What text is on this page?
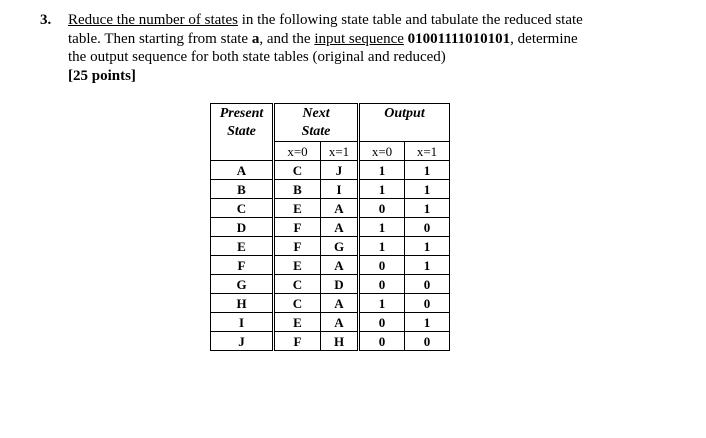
3. Reduce the number of states in the following state table and tabulate the reduced state
table. Then starting from state a, and the input sequence 01001111010101, determine
the output sequence for both state tables (original and reduced)
[25 points]
Present
State	Next
State		Output	
	x=0	x=1	x=0	x=1
A	C	J	1	1
B	B	I	1	1
C	E	A	0	1
D	F	A	1	0
E	F	G	1	1
F	E	A	0	1
G	C	D	0	0
H	C	A	1	0
I	E	A	0	1
J	F	H	0	0
